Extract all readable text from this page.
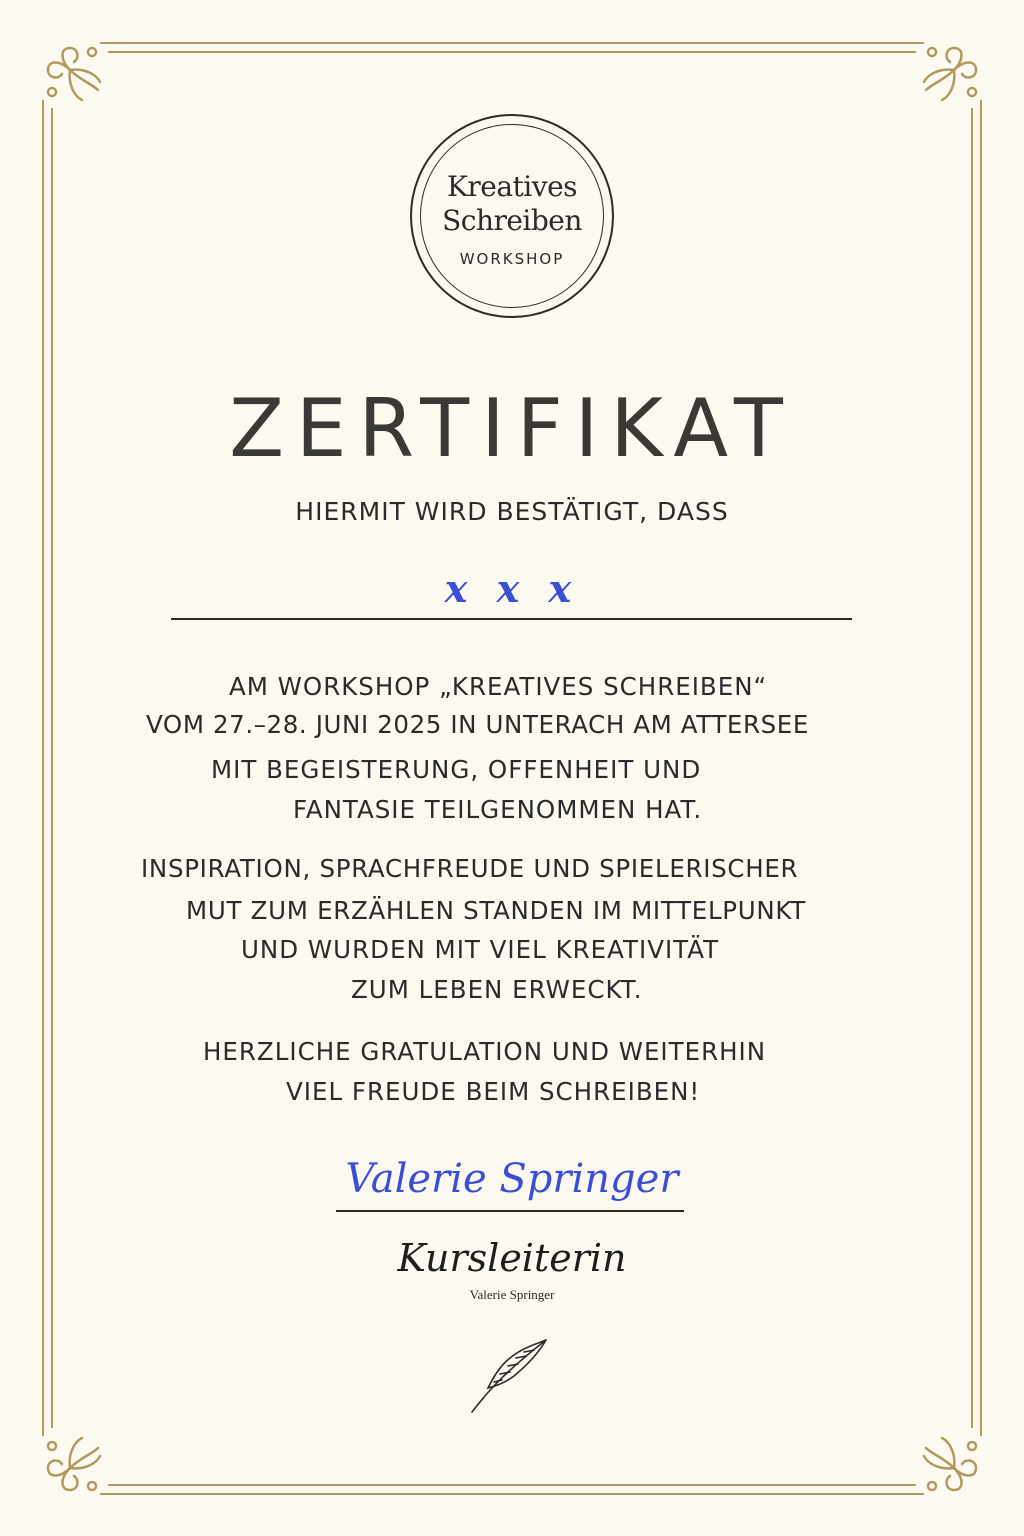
Kreatives
Schreiben
WORKSHOP
ZERTIFIKAT
HIERMIT WIRD BESTÄTIGT, DASS
x x x
AM WORKSHOP „KREATIVES SCHREIBEN“
VOM 27.–28. JUNI 2025 IN UNTERACH AM ATTERSEE
MIT BEGEISTERUNG, OFFENHEIT UND
FANTASIE TEILGENOMMEN HAT.
INSPIRATION, SPRACHFREUDE UND SPIELERISCHER
MUT ZUM ERZÄHLEN STANDEN IM MITTELPUNKT
UND WURDEN MIT VIEL KREATIVITÄT
ZUM LEBEN ERWECKT.
HERZLICHE GRATULATION UND WEITERHIN
VIEL FREUDE BEIM SCHREIBEN!
Valerie Springer
Kursleiterin
Valerie Springer
